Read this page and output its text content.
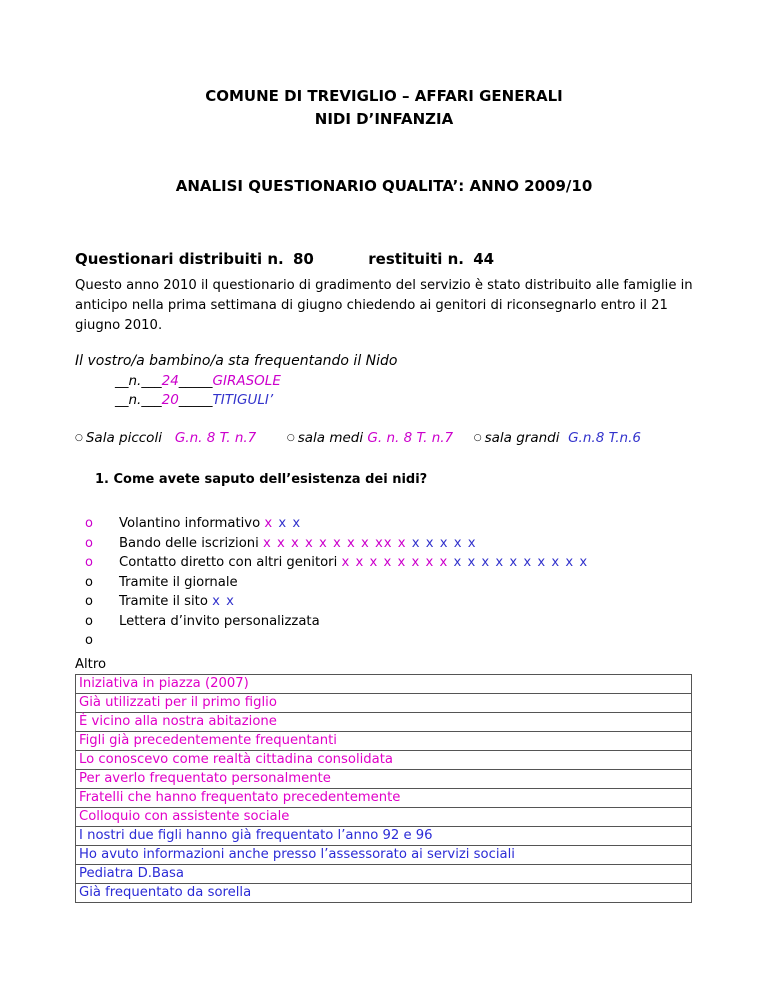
COMUNE DI TREVIGLIO – AFFARI GENERALI
NIDI D’INFANZIA
ANALISI QUESTIONARIO QUALITA’: ANNO 2009/10
Questionari distribuiti n. 80	restituiti n. 44
Questo anno 2010 il questionario di gradimento del servizio è stato distribuito alle famiglie in anticipo nella prima settimana di giugno chiedendo ai genitori di riconsegnarlo entro il 21 giugno 2010.
Il vostro/a bambino/a sta frequentando il Nido
__n.___24_____GIRASOLE
__n.___20_____TITIGULI’
○ Sala piccoli G.n. 8 T. n.7	○ sala medi G. n. 8 T. n.7 ○ sala grandi G.n.8 T.n.6
1. Come avete saputo dell’esistenza dei nidi?
o Volantino informativo x x x
o Bando delle iscrizioni x x x x x x x x xx x x x x x x
o Contatto diretto con altri genitori x x x x x x x x x x x x x x x x x x
o Tramite il giornale
o Tramite il sito x x
o Lettera d’invito personalizzata
o

Altro
Iniziativa in piazza (2007)
Già utilizzati per il primo figlio
È vicino alla nostra abitazione
Figli già precedentemente frequentanti
Lo conoscevo come realtà cittadina consolidata
Per averlo frequentato personalmente
Fratelli che hanno frequentato precedentemente
Colloquio con assistente sociale
I nostri due figli hanno già frequentato l’anno 92 e 96
Ho avuto informazioni anche presso l’assessorato ai servizi sociali
Pediatra D.Basa
Già frequentato da sorella
